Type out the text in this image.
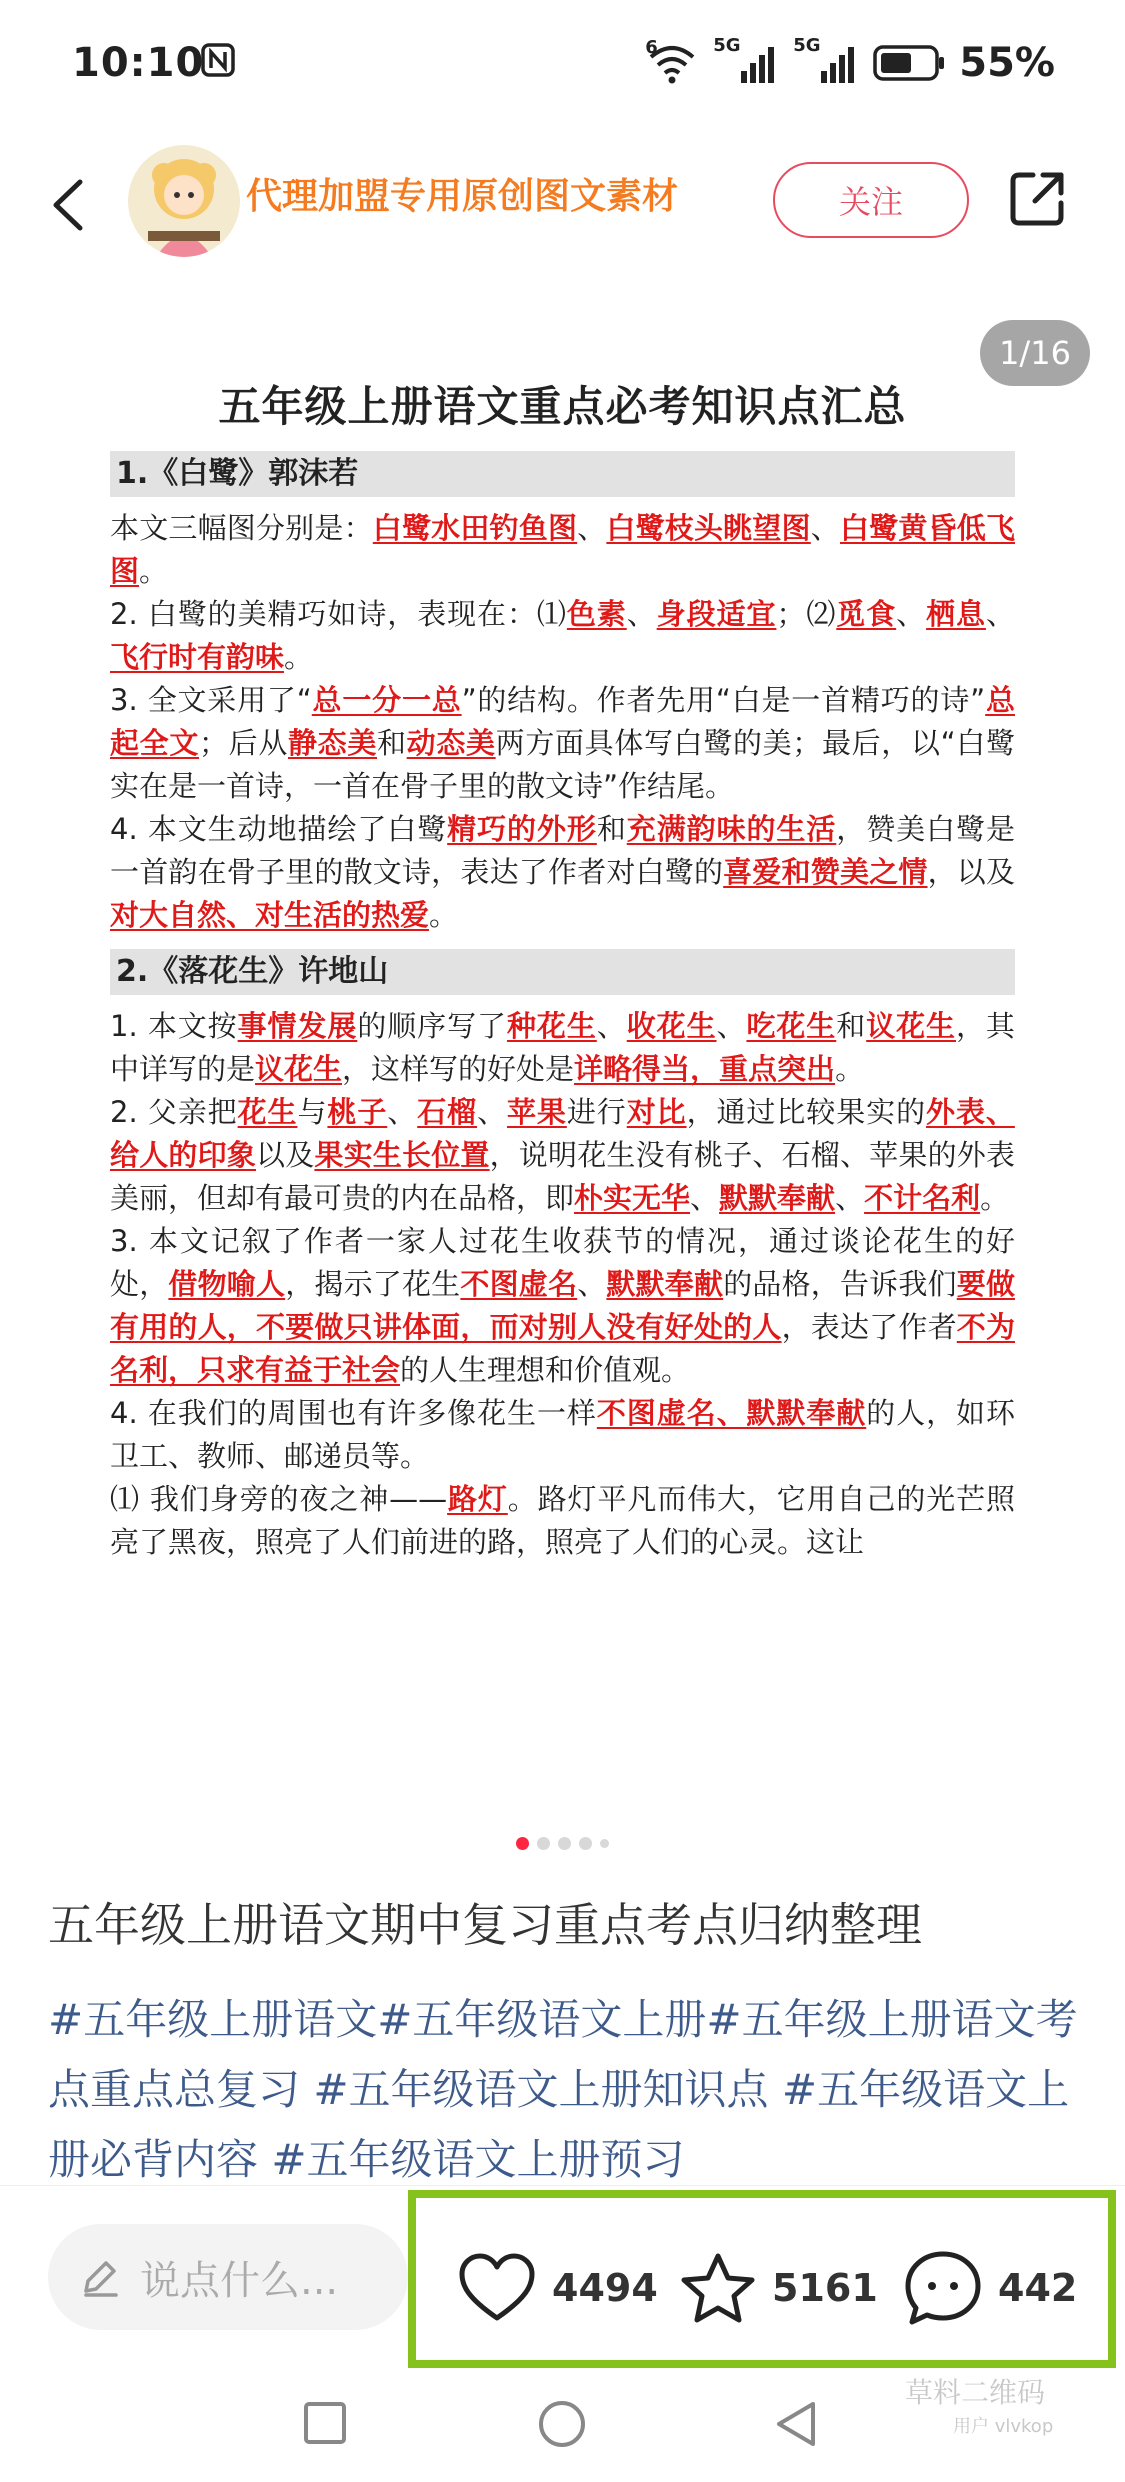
10:10	6	5G	5G	55%
代理加盟专用原创图文素材	关注
1/16
五年级上册语文重点必考知识点汇总
1.《白鹭》郭沫若

本文三幅图分别是：白鹭水田钓鱼图、白鹭枝头眺望图、白鹭黄昏低飞图。

2. 白鹭的美精巧如诗，表现在：⑴色素、身段适宜；⑵觅食、栖息、飞行时有韵味。

3. 全文采用了“总一分一总”的结构。作者先用“白是一首精巧的诗”总起全文；后从静态美和动态美两方面具体写白鹭的美；最后，以“白鹭实在是一首诗，一首在骨子里的散文诗”作结尾。

4. 本文生动地描绘了白鹭精巧的外形和充满韵味的生活，赞美白鹭是一首韵在骨子里的散文诗，表达了作者对白鹭的喜爱和赞美之情，以及对大自然、对生活的热爱。

2.《落花生》许地山

1. 本文按事情发展的顺序写了种花生、收花生、吃花生和议花生，其中详写的是议花生，这样写的好处是详略得当，重点突出。

2. 父亲把花生与桃子、石榴、苹果进行对比，通过比较果实的外表、给人的印象以及果实生长位置，说明花生没有桃子、石榴、苹果的外表美丽，但却有最可贵的内在品格，即朴实无华、默默奉献、不计名利。

3. 本文记叙了作者一家人过花生收获节的情况，通过谈论花生的好处，借物喻人，揭示了花生不图虚名、默默奉献的品格，告诉我们要做有用的人，不要做只讲体面，而对别人没有好处的人，表达了作者不为名利，只求有益于社会的人生理想和价值观。

4. 在我们的周围也有许多像花生一样不图虚名、默默奉献的人，如环卫工、教师、邮递员等。

⑴ 我们身旁的夜之神——路灯。路灯平凡而伟大，它用自己的光芒照亮了黑夜，照亮了人们前进的路，照亮了人们的心灵。这让

五年级上册语文期中复习重点考点归纳整理
#五年级上册语文#五年级语文上册#五年级上册语文考点重点总复习 #五年级语文上册知识点 #五年级语文上册必背内容 #五年级语文上册预习
说点什么...	4494	5161	442
草料二维码
用户 vlvkop
